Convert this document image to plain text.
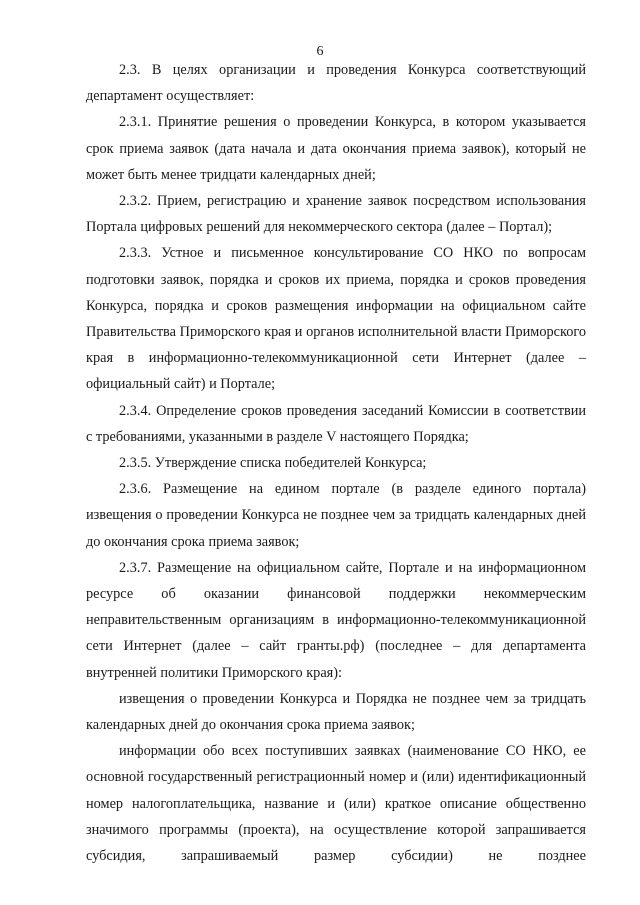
6

2.3. В целях организации и проведения Конкурса соответствующий департамент осуществляет:

2.3.1. Принятие решения о проведении Конкурса, в котором указывается срок приема заявок (дата начала и дата окончания приема заявок), который не может быть менее тридцати календарных дней;

2.3.2. Прием, регистрацию и хранение заявок посредством использования Портала цифровых решений для некоммерческого сектора (далее – Портал);

2.3.3. Устное и письменное консультирование СО НКО по вопросам подготовки заявок, порядка и сроков их приема, порядка и сроков проведения Конкурса, порядка и сроков размещения информации на официальном сайте Правительства Приморского края и органов исполнительной власти Приморского края в информационно-телекоммуникационной сети Интернет (далее – официальный сайт) и Портале;

2.3.4. Определение сроков проведения заседаний Комиссии в соответствии с требованиями, указанными в разделе V настоящего Порядка;

2.3.5. Утверждение списка победителей Конкурса;

2.3.6. Размещение на едином портале (в разделе единого портала) извещения о проведении Конкурса не позднее чем за тридцать календарных дней до окончания срока приема заявок;

2.3.7. Размещение на официальном сайте, Портале и на информационном ресурсе об оказании финансовой поддержки некоммерческим неправительственным организациям в информационно-телекоммуникационной сети Интернет (далее – сайт гранты.рф) (последнее – для департамента внутренней политики Приморского края):

извещения о проведении Конкурса и Порядка не позднее чем за тридцать календарных дней до окончания срока приема заявок;

информации обо всех поступивших заявках (наименование СО НКО, ее основной государственный регистрационный номер и (или) идентификационный номер налогоплательщика, название и (или) краткое описание общественно значимого программы (проекта), на осуществление которой запрашивается субсидия, запрашиваемый размер субсидии) не позднее
